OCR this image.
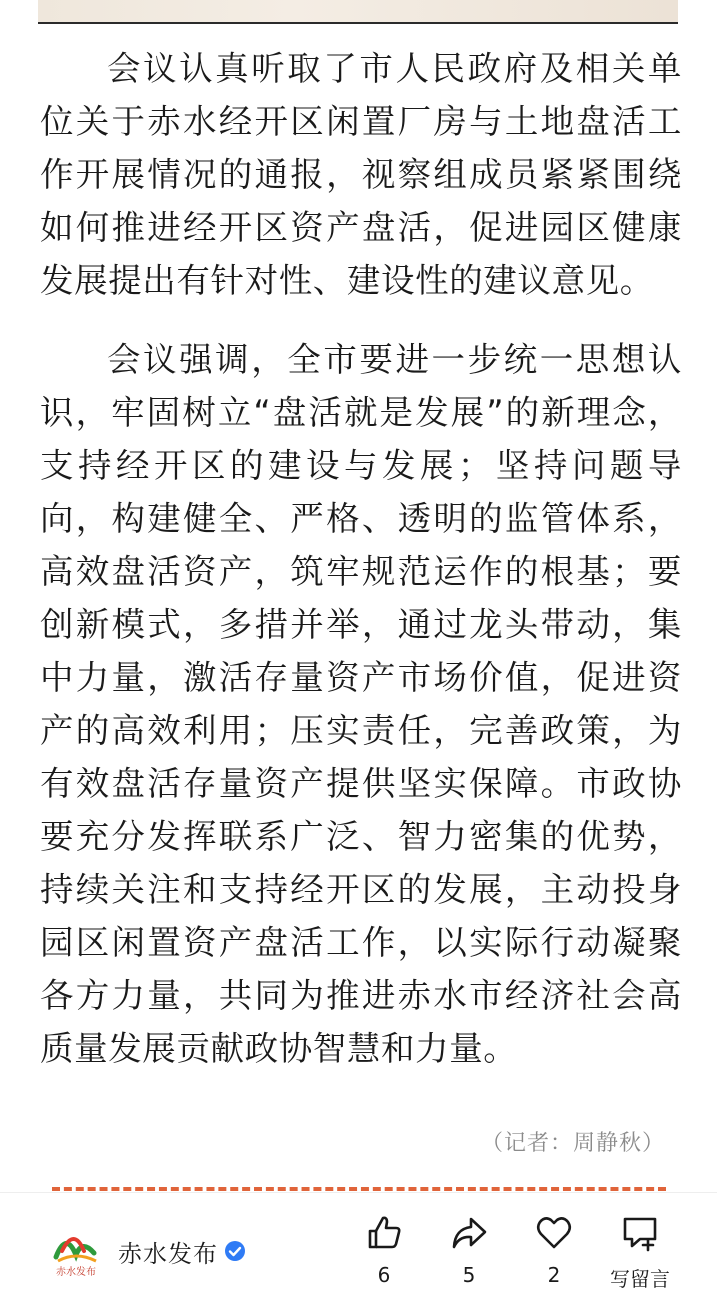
会议认真听取了市人民政府及相关单位关于赤水经开区闲置厂房与土地盘活工作开展情况的通报，视察组成员紧紧围绕如何推进经开区资产盘活，促进园区健康发展提出有针对性、建设性的建议意见。

会议强调，全市要进一步统一思想认识，牢固树立“盘活就是发展”的新理念，支持经开区的建设与发展；坚持问题导向，构建健全、严格、透明的监管体系，高效盘活资产，筑牢规范运作的根基；要创新模式，多措并举，通过龙头带动，集中力量，激活存量资产市场价值，促进资产的高效利用；压实责任，完善政策，为有效盘活存量资产提供坚实保障。市政协要充分发挥联系广泛、智力密集的优势，持续关注和支持经开区的发展，主动投身园区闲置资产盘活工作，以实际行动凝聚各方力量，共同为推进赤水市经济社会高质量发展贡献政协智慧和力量。

（记者：周静秋）
赤水发布
赤水发布
6	5	2	写留言
